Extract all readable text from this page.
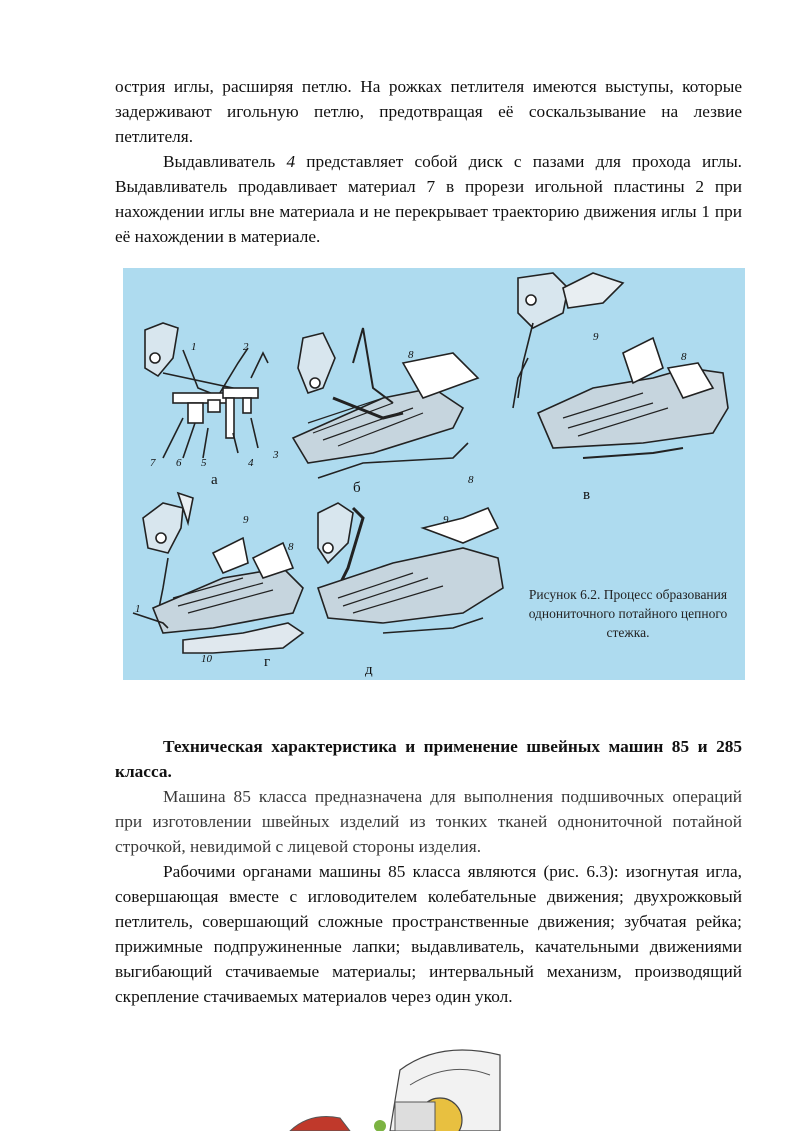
острия иглы, расширяя петлю. На рожках петлителя имеются выступы, которые задерживают игольную петлю, предотвращая её соскальзывание на лезвие петлителя.

Выдавливатель 4 представляет собой диск с пазами для прохода иглы. Выдавливатель продавливает материал 7 в прорези игольной пластины 2 при нахождении иглы вне материала и не перекрывает траекторию движения иглы 1 при её нахождении в материале.

7 6 5	4
3
1	2
8
8
9
8
9
8
9
1
10
а	б	в
г	д
Рисунок 6.2. Процесс образования однониточного потайного цепного стежка.
Техническая характеристика и применение швейных машин 85 и 285 класса.

Машина 85 класса предназначена для выполнения подшивочных операций при изготовлении швейных изделий из тонких тканей однониточной потайной строчкой, невидимой с лицевой стороны изделия.

Рабочими органами машины 85 класса являются (рис. 6.3): изогнутая игла, совершающая вместе с игловодителем колебательные движения; двухрожковый петлитель, совершающий сложные пространственные движения; зубчатая рейка; прижимные подпружиненные лапки; выдавливатель, качательными движениями выгибающий стачиваемые материалы; интервальный механизм, производящий скрепление стачиваемых материалов через один укол.
